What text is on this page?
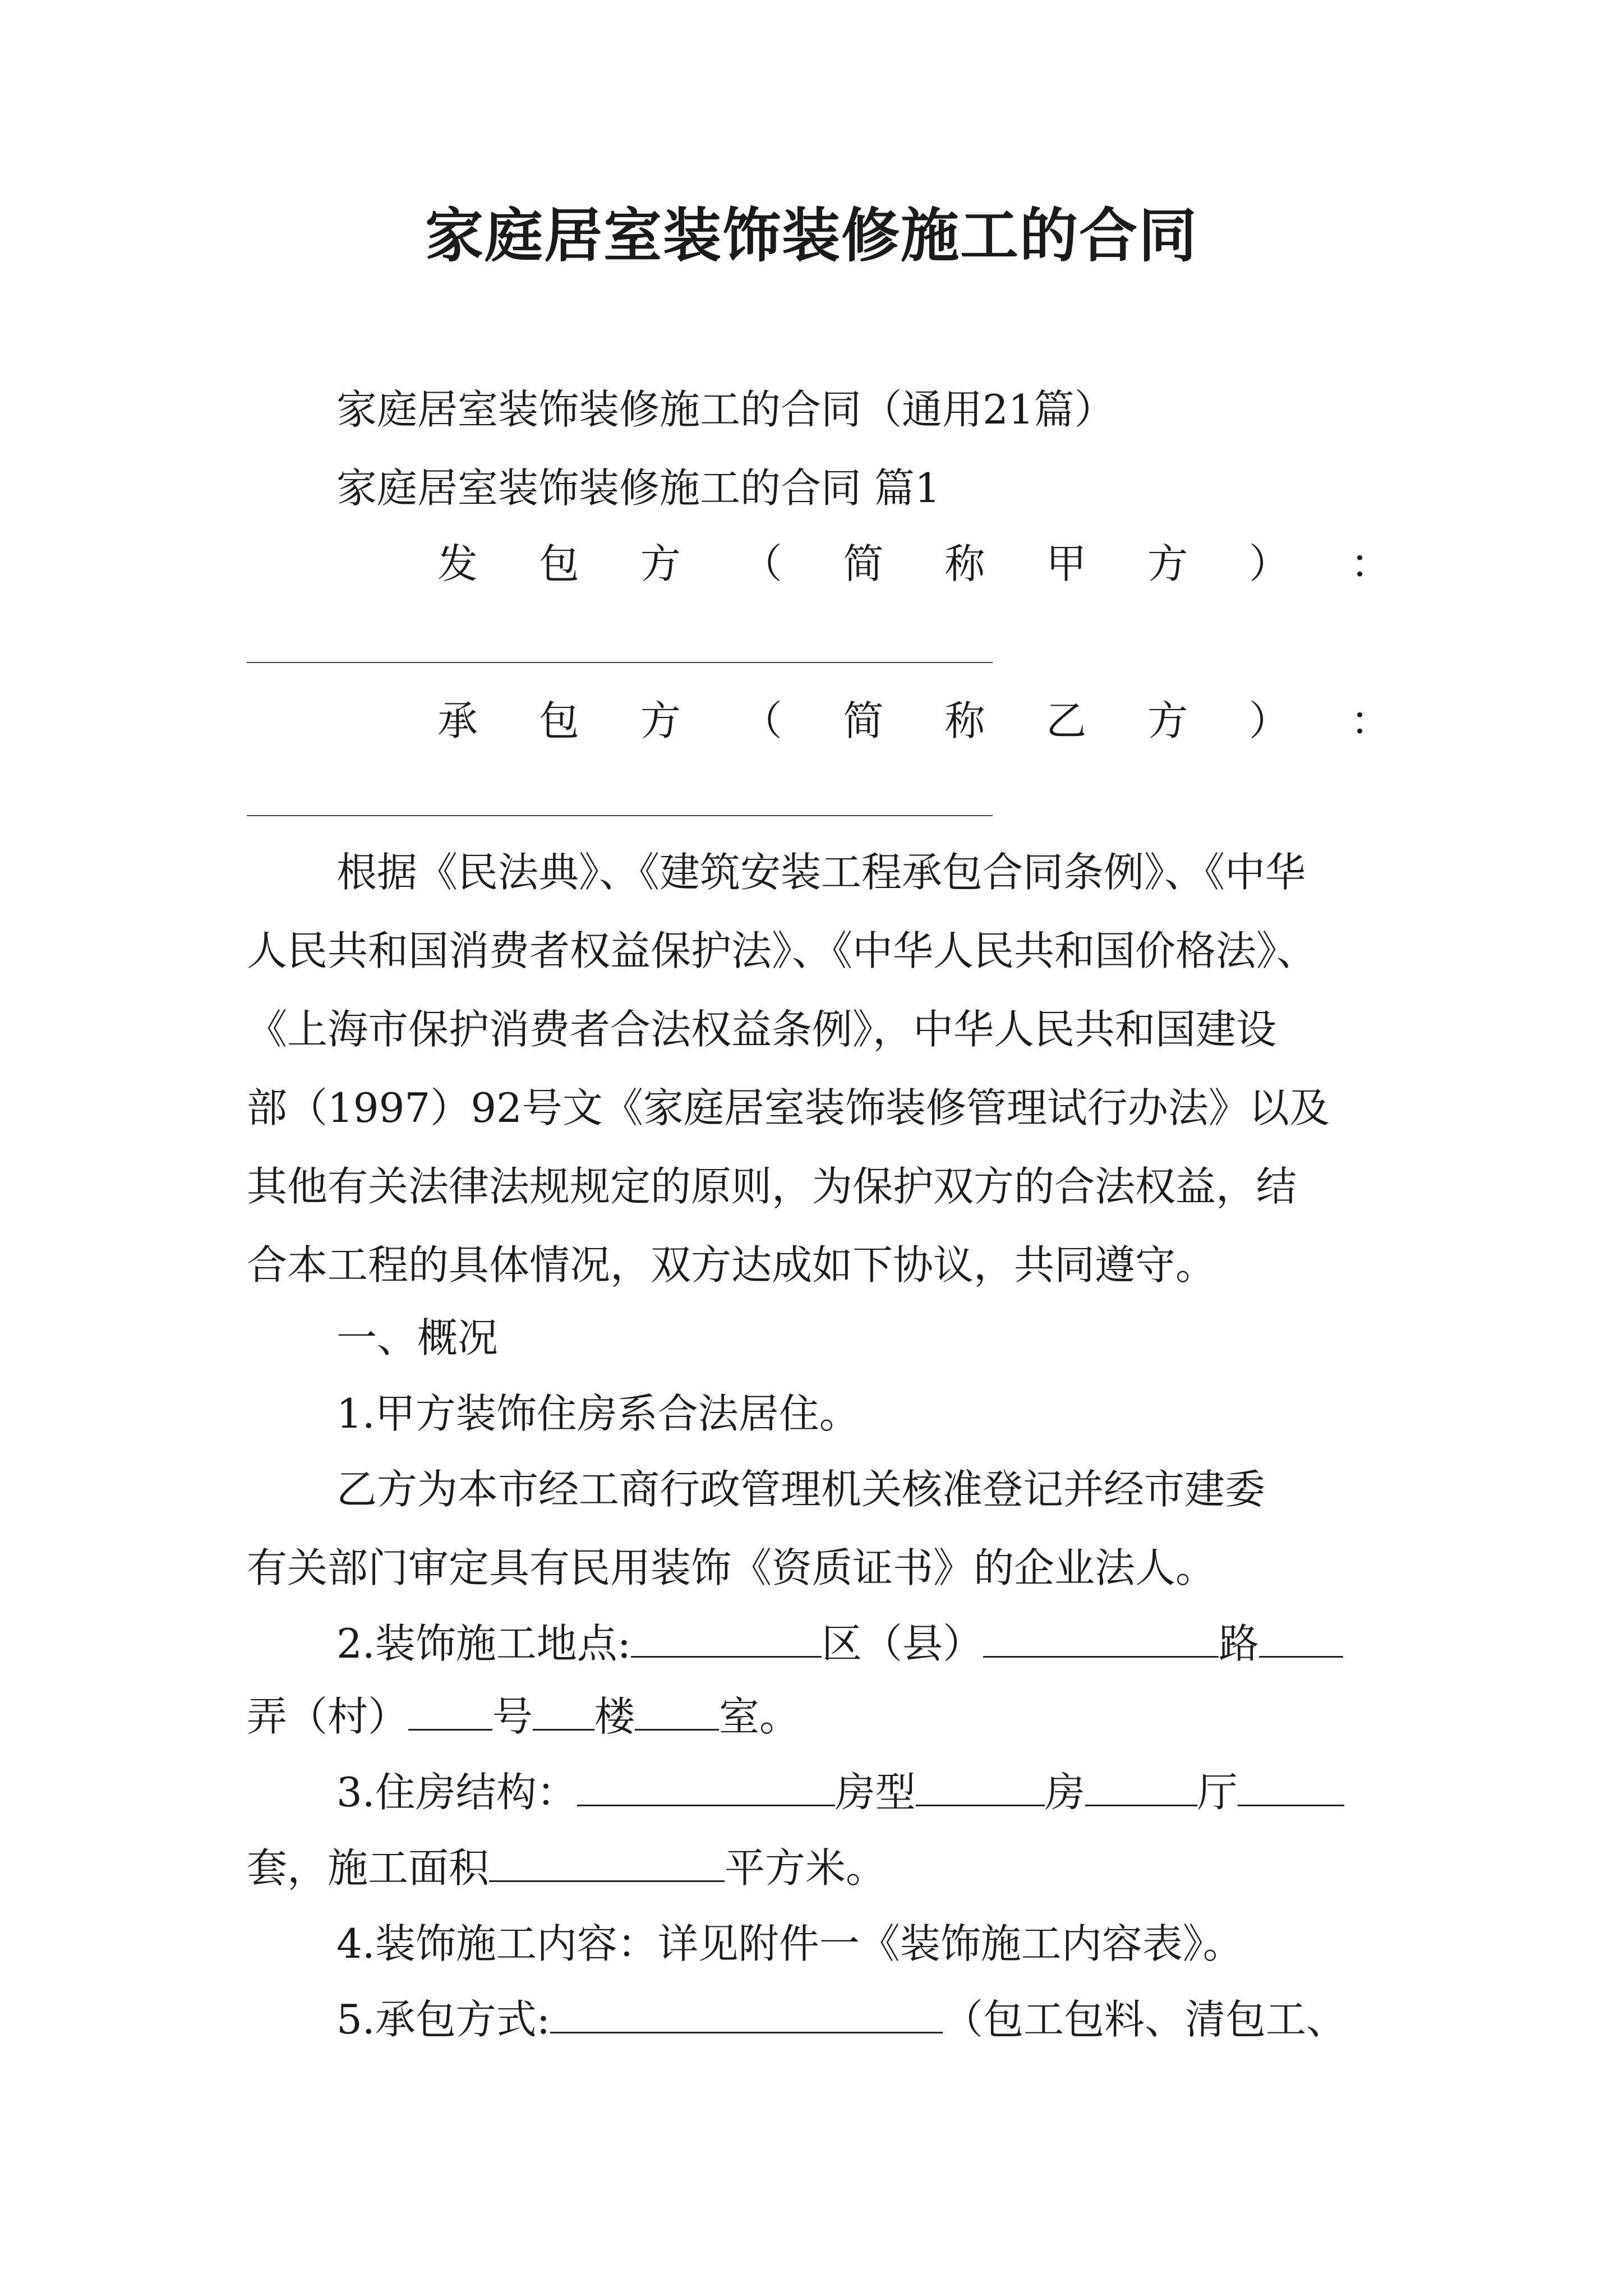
家庭居室装饰装修施工的合同
家庭居室装饰装修施工的合同（通用21篇）
家庭居室装饰装修施工的合同 篇1
发 包 方 （ 简 称 甲 方 ） ：
承 包 方 （ 简 称 乙 方 ） ：
根据《民法典》、《建筑安装工程承包合同条例》、《中华
人民共和国消费者权益保护法》、《中华人民共和国价格法》、
《上海市保护消费者合法权益条例》，中华人民共和国建设
部（1997）92号文《家庭居室装饰装修管理试行办法》以及
其他有关法律法规规定的原则，为保护双方的合法权益，结
合本工程的具体情况，双方达成如下协议，共同遵守。
一、概况
1.甲方装饰住房系合法居住。
乙方为本市经工商行政管理机关核准登记并经市建委
有关部门审定具有民用装饰《资质证书》的企业法人。
2.装饰施工地点:	区（县）	路
弄（村） 号 楼 室。
3.住房结构：	房型	房	厅
套，施工面积	平方米。
4.装饰施工内容：详见附件一《装饰施工内容表》。
5.承包方式:	（包工包料、清包工、
